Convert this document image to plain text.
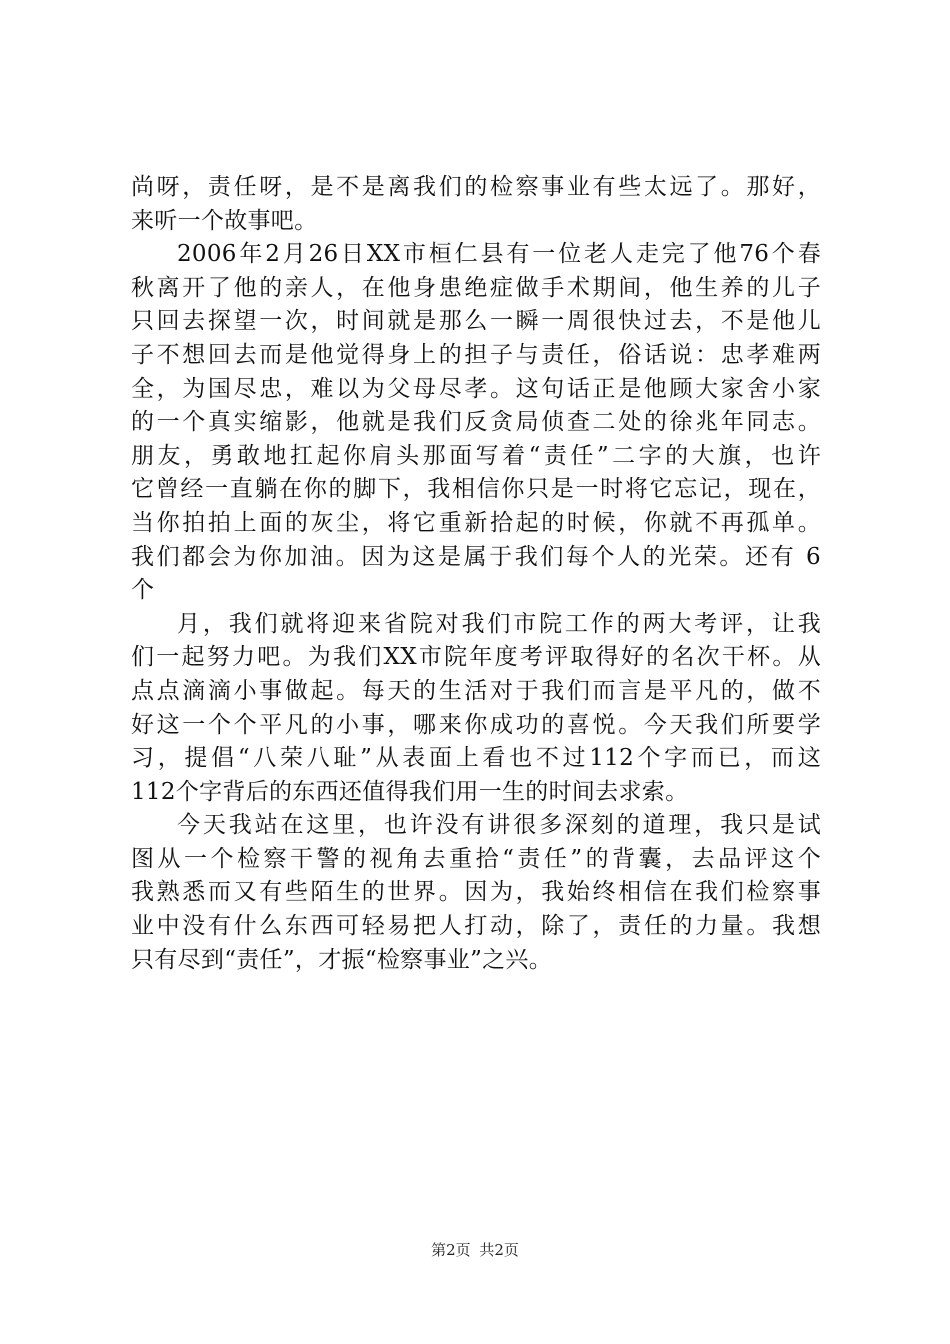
尚呀，责任呀，是不是离我们的检察事业有些太远了。那好，
来听一个故事吧。
2006年2月26日XX市桓仁县有一位老人走完了他76个春
秋离开了他的亲人，在他身患绝症做手术期间，他生养的儿子
只回去探望一次，时间就是那么一瞬一周很快过去，不是他儿
子不想回去而是他觉得身上的担子与责任，俗话说：忠孝难两
全，为国尽忠，难以为父母尽孝。这句话正是他顾大家舍小家
的一个真实缩影，他就是我们反贪局侦查二处的徐兆年同志。
朋友，勇敢地扛起你肩头那面写着“责任”二字的大旗，也许
它曾经一直躺在你的脚下，我相信你只是一时将它忘记，现在，
当你拍拍上面的灰尘，将它重新拾起的时候，你就不再孤单。
我们都会为你加油。因为这是属于我们每个人的光荣。还有 6
个
月，我们就将迎来省院对我们市院工作的两大考评，让我
们一起努力吧。为我们XX市院年度考评取得好的名次干杯。从
点点滴滴小事做起。每天的生活对于我们而言是平凡的，做不
好这一个个平凡的小事，哪来你成功的喜悦。今天我们所要学
习，提倡“八荣八耻”从表面上看也不过112个字而已，而这
112个字背后的东西还值得我们用一生的时间去求索。
今天我站在这里，也许没有讲很多深刻的道理，我只是试
图从一个检察干警的视角去重拾“责任”的背囊，去品评这个
我熟悉而又有些陌生的世界。因为，我始终相信在我们检察事
业中没有什么东西可轻易把人打动，除了，责任的力量。我想
只有尽到“责任”，才振“检察事业”之兴。
第2页 共2页
